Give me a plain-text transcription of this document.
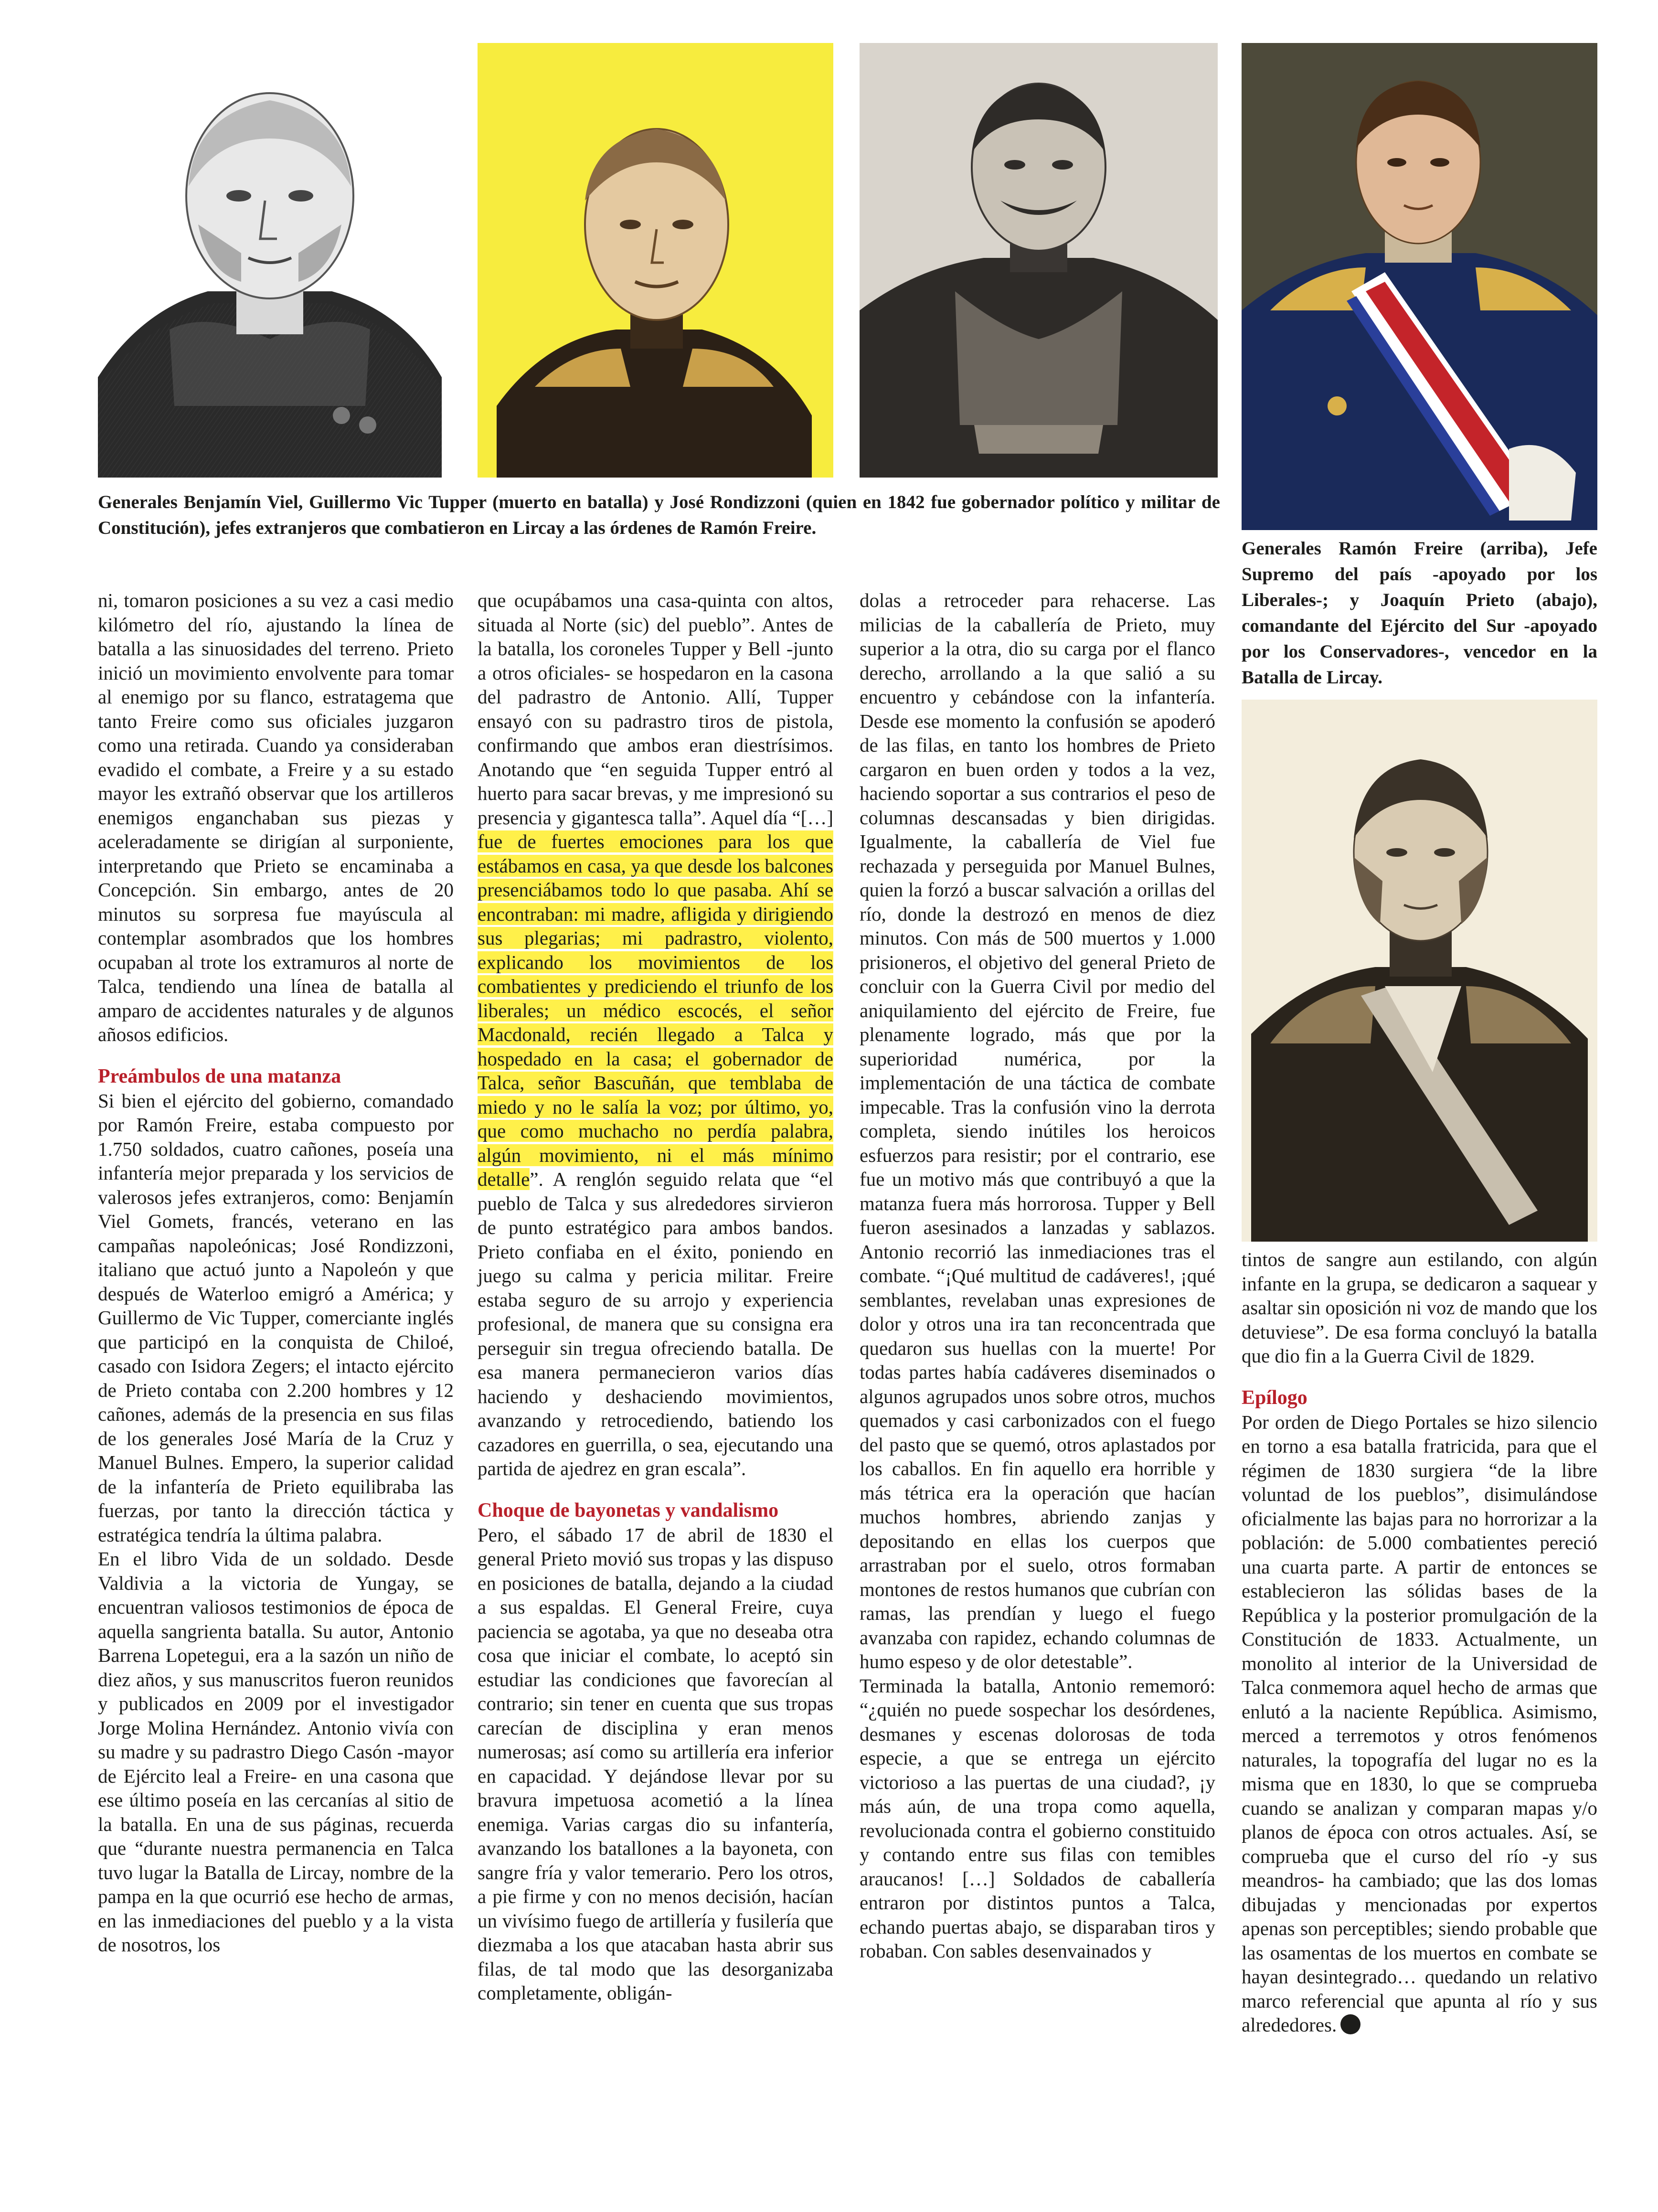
Generales Benjamín Viel, Guillermo Vic Tupper (muerto en batalla) y José Rondizzoni (quien en 1842 fue gobernador político y militar de Constitución), jefes extranjeros que combatieron en Lircay a las órdenes de Ramón Freire.

Generales Ramón Freire (arriba), Jefe Supremo del país -apoyado por los Liberales-; y Joaquín Prieto (abajo), comandante del Ejército del Sur -apoyado por los Conservadores-, vencedor en la Batalla de Lircay.

ni, tomaron posiciones a su vez a casi medio kilómetro del río, ajustando la línea de batalla a las sinuosidades del terreno. Prieto inició un movimiento envolvente para tomar al enemigo por su flanco, estratagema que tanto Freire como sus oficiales juzgaron como una retirada. Cuando ya consideraban evadido el combate, a Freire y a su estado mayor les extrañó observar que los artilleros enemigos enganchaban sus piezas y aceleradamente se dirigían al surponiente, interpretando que Prieto se encaminaba a Concepción. Sin embargo, antes de 20 minutos su sorpresa fue mayúscula al contemplar asombrados que los hombres ocupaban al trote los extramuros al norte de Talca, tendiendo una línea de batalla al amparo de accidentes naturales y de algunos añosos edificios.

Preámbulos de una matanza

Si bien el ejército del gobierno, comandado por Ramón Freire, estaba compuesto por 1.750 soldados, cuatro cañones, poseía una infantería mejor preparada y los servicios de valerosos jefes extranjeros, como: Benjamín Viel Gomets, francés, veterano en las campañas napoleónicas; José Rondizzoni, italiano que actuó junto a Napoleón y que después de Waterloo emigró a América; y Guillermo de Vic Tupper, comerciante inglés que participó en la conquista de Chiloé, casado con Isidora Zegers; el intacto ejército de Prieto contaba con 2.200 hombres y 12 cañones, además de la presencia en sus filas de los generales José María de la Cruz y Manuel Bulnes. Empero, la superior calidad de la infantería de Prieto equilibraba las fuerzas, por tanto la dirección táctica y estratégica tendría la última palabra.

En el libro Vida de un soldado. Desde Valdivia a la victoria de Yungay, se encuentran valiosos testimonios de época de aquella sangrienta batalla. Su autor, Antonio Barrena Lopetegui, era a la sazón un niño de diez años, y sus manuscritos fueron reunidos y publicados en 2009 por el investigador Jorge Molina Hernández. Antonio vivía con su madre y su padrastro Diego Casón -mayor de Ejército leal a Freire- en una casona que ese último poseía en las cercanías al sitio de la batalla. En una de sus páginas, recuerda que “durante nuestra permanencia en Talca tuvo lugar la Batalla de Lircay, nombre de la pampa en la que ocurrió ese hecho de armas, en las inmediaciones del pueblo y a la vista de nosotros, los

que ocupábamos una casa-quinta con altos, situada al Norte (sic) del pueblo”. Antes de la batalla, los coroneles Tupper y Bell -junto a otros oficiales- se hospedaron en la casona del padrastro de Antonio. Allí, Tupper ensayó con su padrastro tiros de pistola, confirmando que ambos eran diestrísimos. Anotando que “en seguida Tupper entró al huerto para sacar brevas, y me impresionó su presencia y gigantesca talla”. Aquel día “[…] fue de fuertes emociones para los que estábamos en casa, ya que desde los balcones presenciábamos todo lo que pasaba. Ahí se encontraban: mi madre, afligida y dirigiendo sus plegarias; mi padrastro, violento, explicando los movimientos de los combatientes y prediciendo el triunfo de los liberales; un médico escocés, el señor Macdonald, recién llegado a Talca y hospedado en la casa; el gobernador de Talca, señor Bascuñán, que temblaba de miedo y no le salía la voz; por último, yo, que como muchacho no perdía palabra, algún movimiento, ni el más mínimo detalle”. A renglón seguido relata que “el pueblo de Talca y sus alrededores sirvieron de punto estratégico para ambos bandos. Prieto confiaba en el éxito, poniendo en juego su calma y pericia militar. Freire estaba seguro de su arrojo y experiencia profesional, de manera que su consigna era perseguir sin tregua ofreciendo batalla. De esa manera permanecieron varios días haciendo y deshaciendo movimientos, avanzando y retrocediendo, batiendo los cazadores en guerrilla, o sea, ejecutando una partida de ajedrez en gran escala”.

Choque de bayonetas y vandalismo

Pero, el sábado 17 de abril de 1830 el general Prieto movió sus tropas y las dispuso en posiciones de batalla, dejando a la ciudad a sus espaldas. El General Freire, cuya paciencia se agotaba, ya que no deseaba otra cosa que iniciar el combate, lo aceptó sin estudiar las condiciones que favorecían al contrario; sin tener en cuenta que sus tropas carecían de disciplina y eran menos numerosas; así como su artillería era inferior en capacidad. Y dejándose llevar por su bravura impetuosa acometió a la línea enemiga. Varias cargas dio su infantería, avanzando los batallones a la bayoneta, con sangre fría y valor temerario. Pero los otros, a pie firme y con no menos decisión, hacían un vivísimo fuego de artillería y fusilería que diezmaba a los que atacaban hasta abrir sus filas, de tal modo que las desorganizaba completamente, obligán-

dolas a retroceder para rehacerse. Las milicias de la caballería de Prieto, muy superior a la otra, dio su carga por el flanco derecho, arrollando a la que salió a su encuentro y cebándose con la infantería. Desde ese momento la confusión se apoderó de las filas, en tanto los hombres de Prieto cargaron en buen orden y todos a la vez, haciendo soportar a sus contrarios el peso de columnas descansadas y bien dirigidas. Igualmente, la caballería de Viel fue rechazada y perseguida por Manuel Bulnes, quien la forzó a buscar salvación a orillas del río, donde la destrozó en menos de diez minutos. Con más de 500 muertos y 1.000 prisioneros, el objetivo del general Prieto de concluir con la Guerra Civil por medio del aniquilamiento del ejército de Freire, fue plenamente logrado, más que por la superioridad numérica, por la implementación de una táctica de combate impecable. Tras la confusión vino la derrota completa, siendo inútiles los heroicos esfuerzos para resistir; por el contrario, ese fue un motivo más que contribuyó a que la matanza fuera más horrorosa. Tupper y Bell fueron asesinados a lanzadas y sablazos. Antonio recorrió las inmediaciones tras el combate. “¡Qué multitud de cadáveres!, ¡qué semblantes, revelaban unas expresiones de dolor y otros una ira tan reconcentrada que quedaron sus huellas con la muerte! Por todas partes había cadáveres diseminados o algunos agrupados unos sobre otros, muchos quemados y casi carbonizados con el fuego del pasto que se quemó, otros aplastados por los caballos. En fin aquello era horrible y más tétrica era la operación que hacían muchos hombres, abriendo zanjas y depositando en ellas los cuerpos que arrastraban por el suelo, otros formaban montones de restos humanos que cubrían con ramas, las prendían y luego el fuego avanzaba con rapidez, echando columnas de humo espeso y de olor detestable”.

Terminada la batalla, Antonio rememoró: “¿quién no puede sospechar los desórdenes, desmanes y escenas dolorosas de toda especie, a que se entrega un ejército victorioso a las puertas de una ciudad?, ¡y más aún, de una tropa como aquella, revolucionada contra el gobierno constituido y contando entre sus filas con temibles araucanos! […] Soldados de caballería entraron por distintos puntos a Talca, echando puertas abajo, se disparaban tiros y robaban. Con sables desenvainados y

tintos de sangre aun estilando, con algún infante en la grupa, se dedicaron a saquear y asaltar sin oposición ni voz de mando que los detuviese”. De esa forma concluyó la batalla que dio fin a la Guerra Civil de 1829.

Epílogo

Por orden de Diego Portales se hizo silencio en torno a esa batalla fratricida, para que el régimen de 1830 surgiera “de la libre voluntad de los pueblos”, disimulándose oficialmente las bajas para no horrorizar a la población: de 5.000 combatientes pereció una cuarta parte. A partir de entonces se establecieron las sólidas bases de la República y la posterior promulgación de la Constitución de 1833. Actualmente, un monolito al interior de la Universidad de Talca conmemora aquel hecho de armas que enlutó a la naciente República. Asimismo, merced a terremotos y otros fenómenos naturales, la topografía del lugar no es la misma que en 1830, lo que se comprueba cuando se analizan y comparan mapas y/o planos de época con otros actuales. Así, se comprueba que el curso del río -y sus meandros- ha cambiado; que las dos lomas dibujadas y mencionadas por expertos apenas son perceptibles; siendo probable que las osamentas de los muertos en combate se hayan desintegrado… quedando un relativo marco referencial que apunta al río y sus alrededores.
